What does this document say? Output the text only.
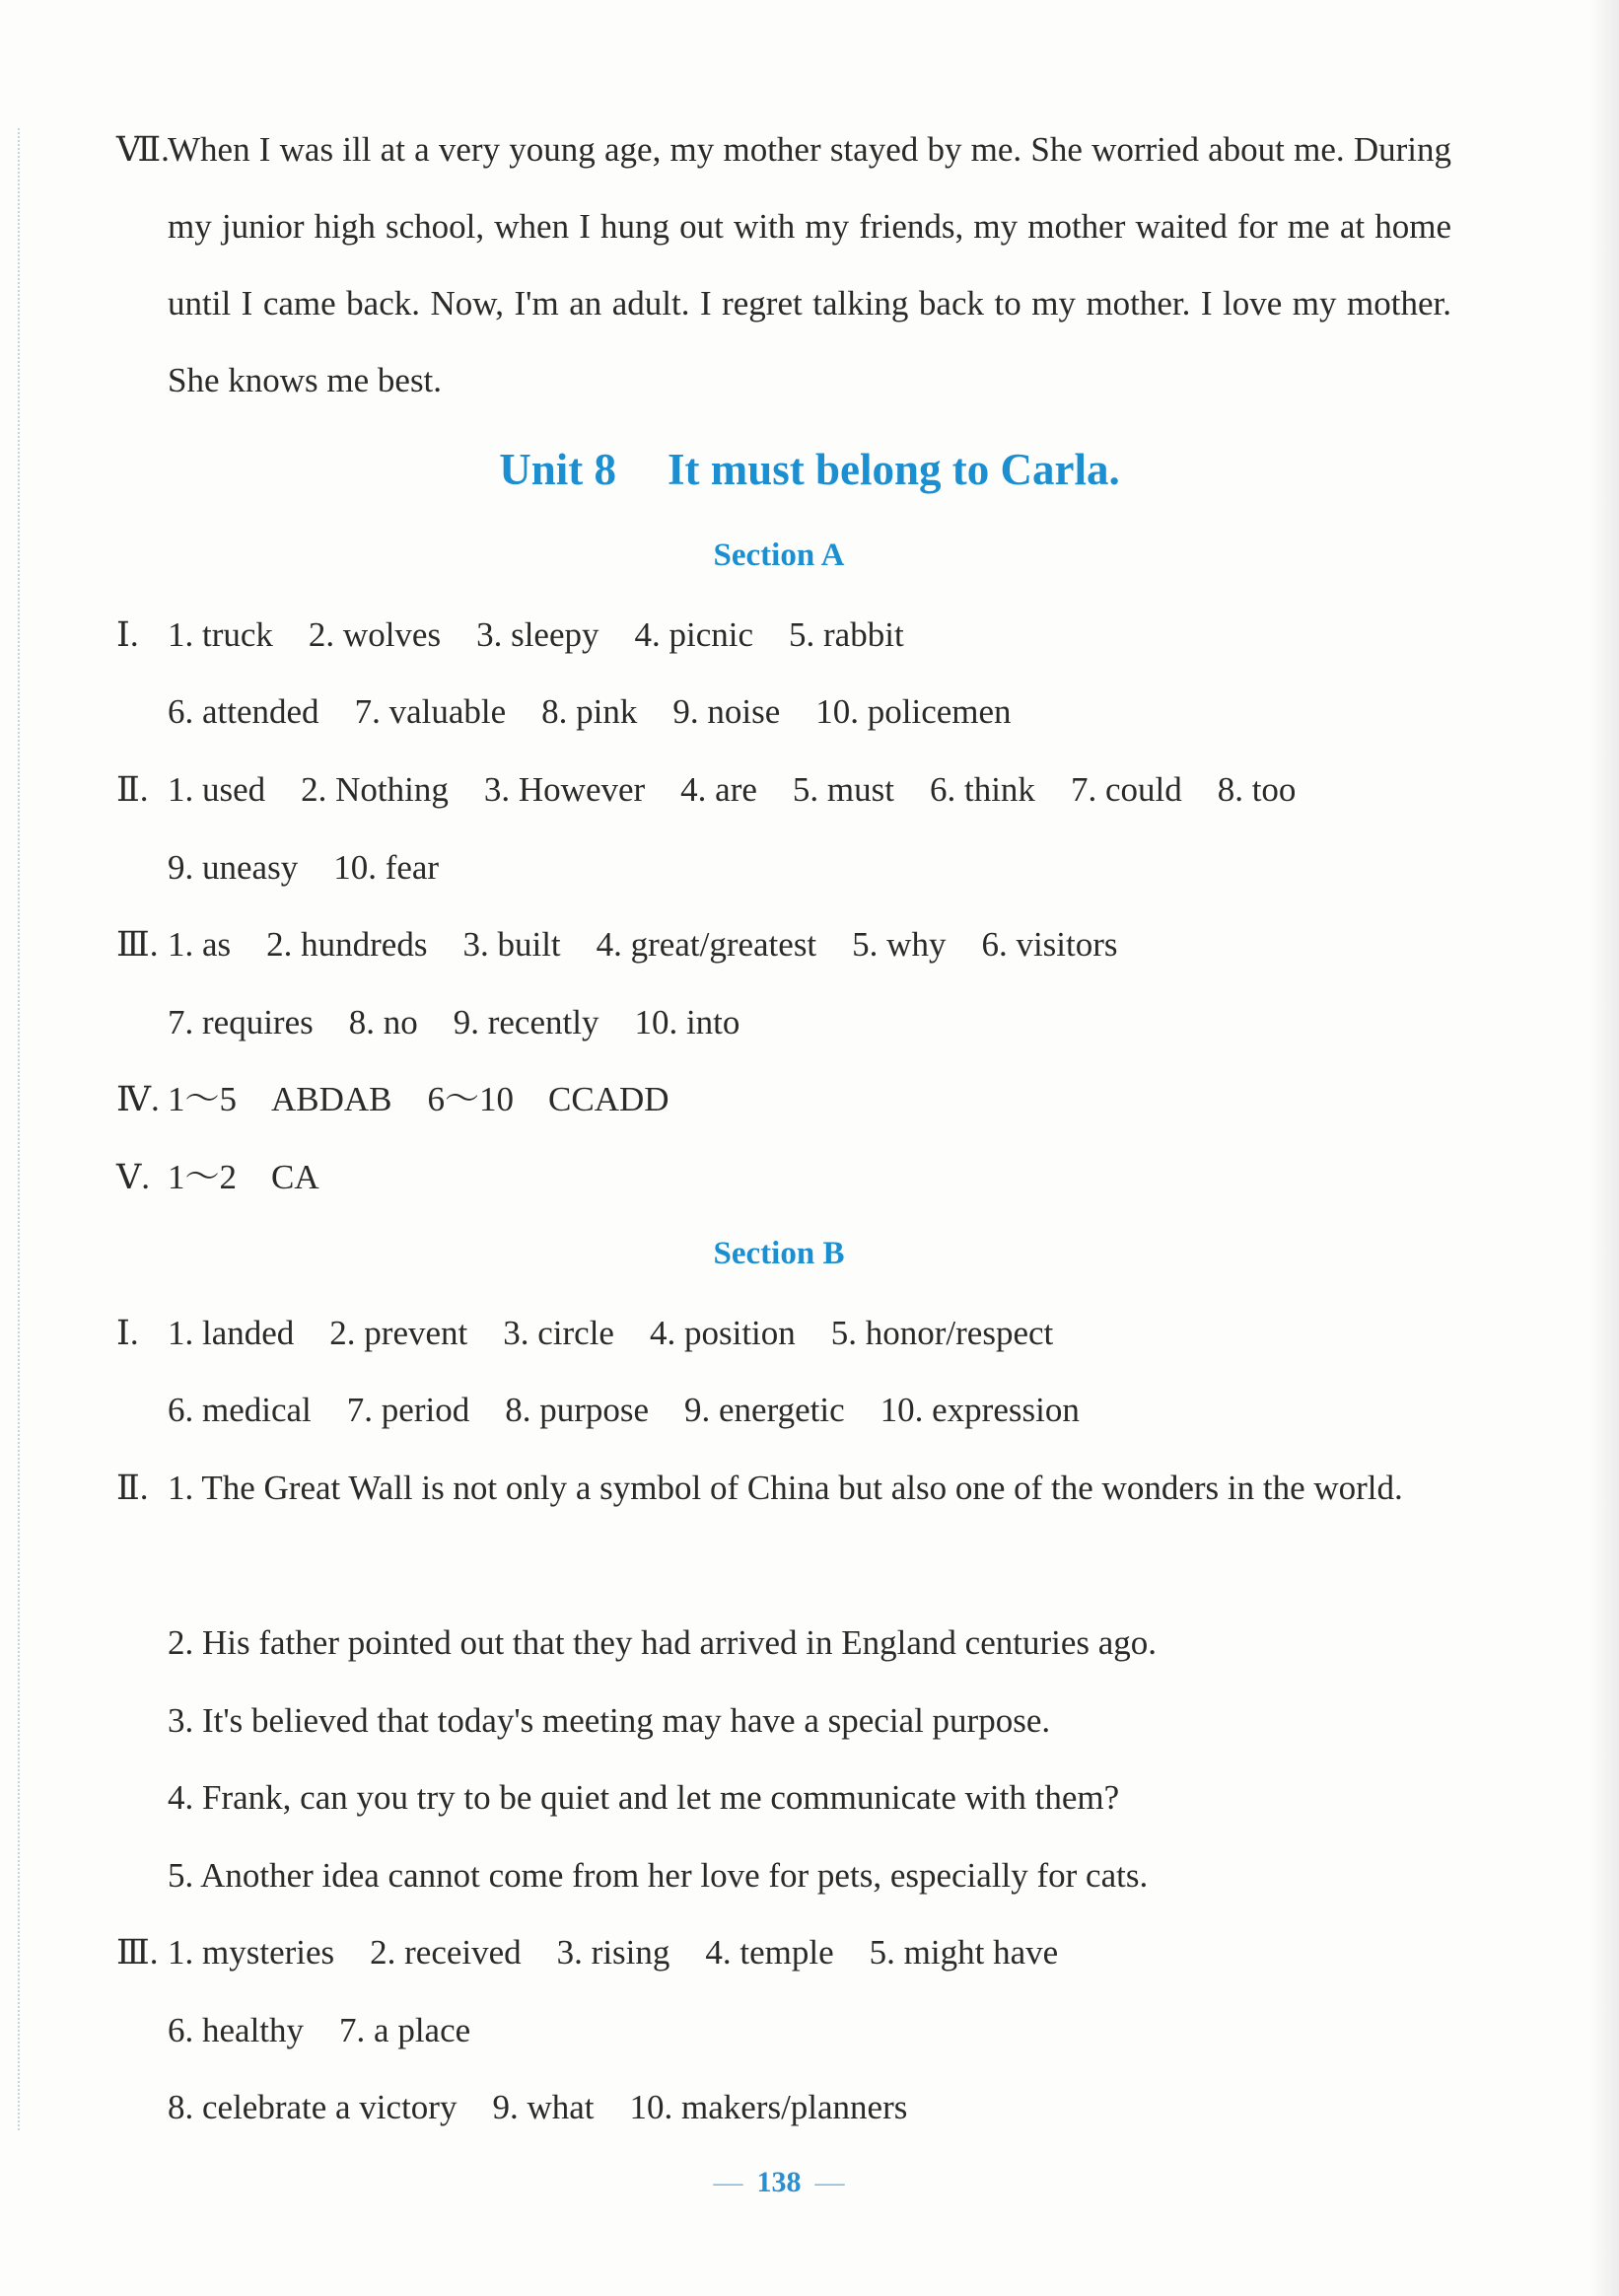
Ⅶ.
When I was ill at a very young age, my mother stayed by me. She worried about me. During my junior high school, when I hung out with my friends, my mother waited for me at home until I came back. Now, I'm an adult. I regret talking back to my mother. I love my mother. She knows me best.
Unit 8 It must belong to Carla.
Section A
Ⅰ. 1. truck 2. wolves 3. sleepy 4. picnic 5. rabbit
6. attended 7. valuable 8. pink 9. noise 10. policemen
Ⅱ. 1. used 2. Nothing 3. However 4. are 5. must 6. think 7. could 8. too
9. uneasy 10. fear
Ⅲ. 1. as 2. hundreds 3. built 4. great/greatest 5. why 6. visitors
7. requires 8. no 9. recently 10. into
Ⅳ. 1～5　ABDAB 6～10　CCADD
Ⅴ. 1～2　CA
Section B
Ⅰ. 1. landed 2. prevent 3. circle 4. position 5. honor/respect
6. medical 7. period 8. purpose 9. energetic 10. expression
Ⅱ. 1. The Great Wall is not only a symbol of China but also one of the wonders in the world.
2. His father pointed out that they had arrived in England centuries ago.
3. It's believed that today's meeting may have a special purpose.
4. Frank, can you try to be quiet and let me communicate with them?
5. Another idea cannot come from her love for pets, especially for cats.
Ⅲ. 1. mysteries 2. received 3. rising 4. temple 5. might have
6. healthy 7. a place
8. celebrate a victory 9. what 10. makers/planners
— 138 —
